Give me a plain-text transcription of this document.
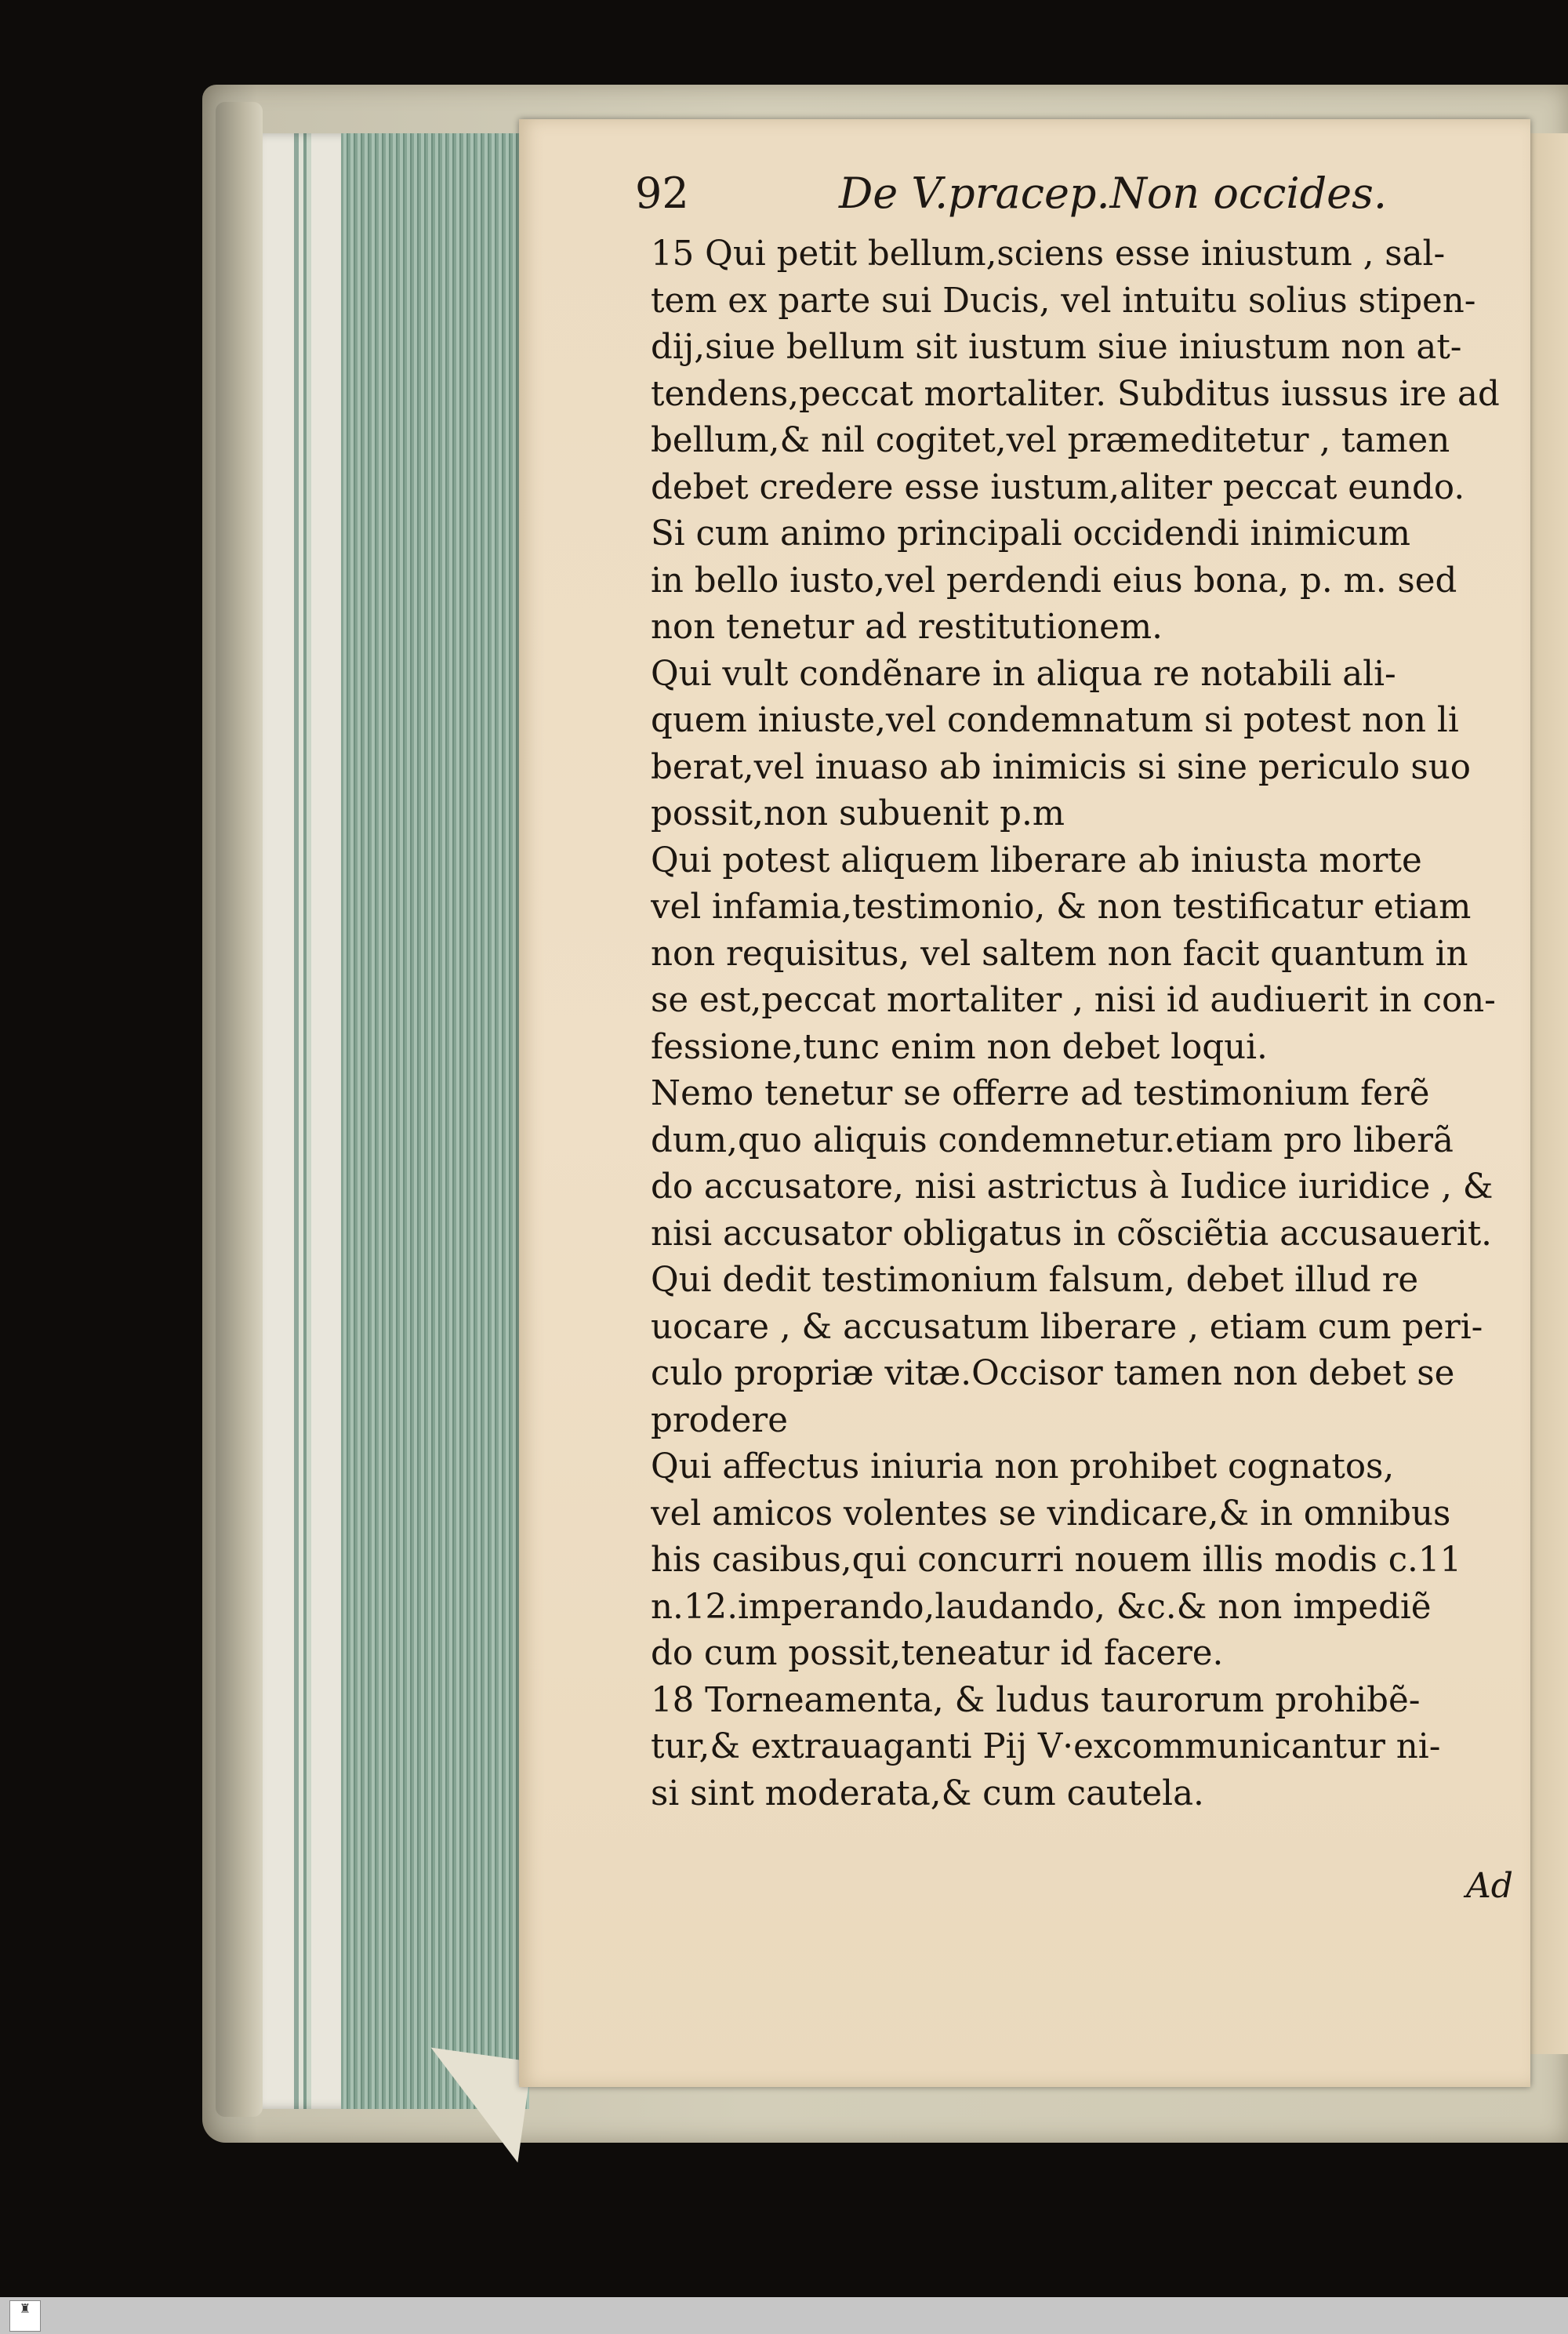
92	De V.pracep.Non occides.
15 Qui petit bellum,sciens esse iniustum , sal-
tem ex parte sui Ducis, vel intuitu solius stipen-
dij,siue bellum sit iustum siue iniustum non at-
tendens,peccat mortaliter. Subditus iussus ire ad
bellum,& nil cogitet,vel præmeditetur , tamen
debet credere esse iustum,aliter peccat eundo.
Si cum animo principali occidendi inimicum
in bello iusto,vel perdendi eius bona, p. m. sed
non tenetur ad restitutionem.
Qui vult condẽnare in aliqua re notabili ali-
quem iniuste,vel condemnatum si potest non li
berat,vel inuaso ab inimicis si sine periculo suo
possit,non subuenit p.m
Qui potest aliquem liberare ab iniusta morte
vel infamia,testimonio, & non testificatur etiam
non requisitus, vel saltem non facit quantum in
se est,peccat mortaliter , nisi id audiuerit in con-
fessione,tunc enim non debet loqui.
Nemo tenetur se offerre ad testimonium ferẽ
dum,quo aliquis condemnetur.etiam pro liberã
do accusatore, nisi astrictus à Iudice iuridice , &
nisi accusator obligatus in cõsciẽtia accusauerit.
Qui dedit testimonium falsum, debet illud re
uocare , & accusatum liberare , etiam cum peri-
culo propriæ vitæ.Occisor tamen non debet se
prodere
Qui affectus iniuria non prohibet cognatos,
vel amicos volentes se vindicare,& in omnibus
his casibus,qui concurri nouem illis modis c.11
n.12.imperando,laudando, &c.& non impediẽ
do cum possit,teneatur id facere.
18 Torneamenta, & ludus taurorum prohibẽ-
tur,& extrauaganti Pij V·excommunicantur ni-
si sint moderata,& cum cautela.
Ad
♜
